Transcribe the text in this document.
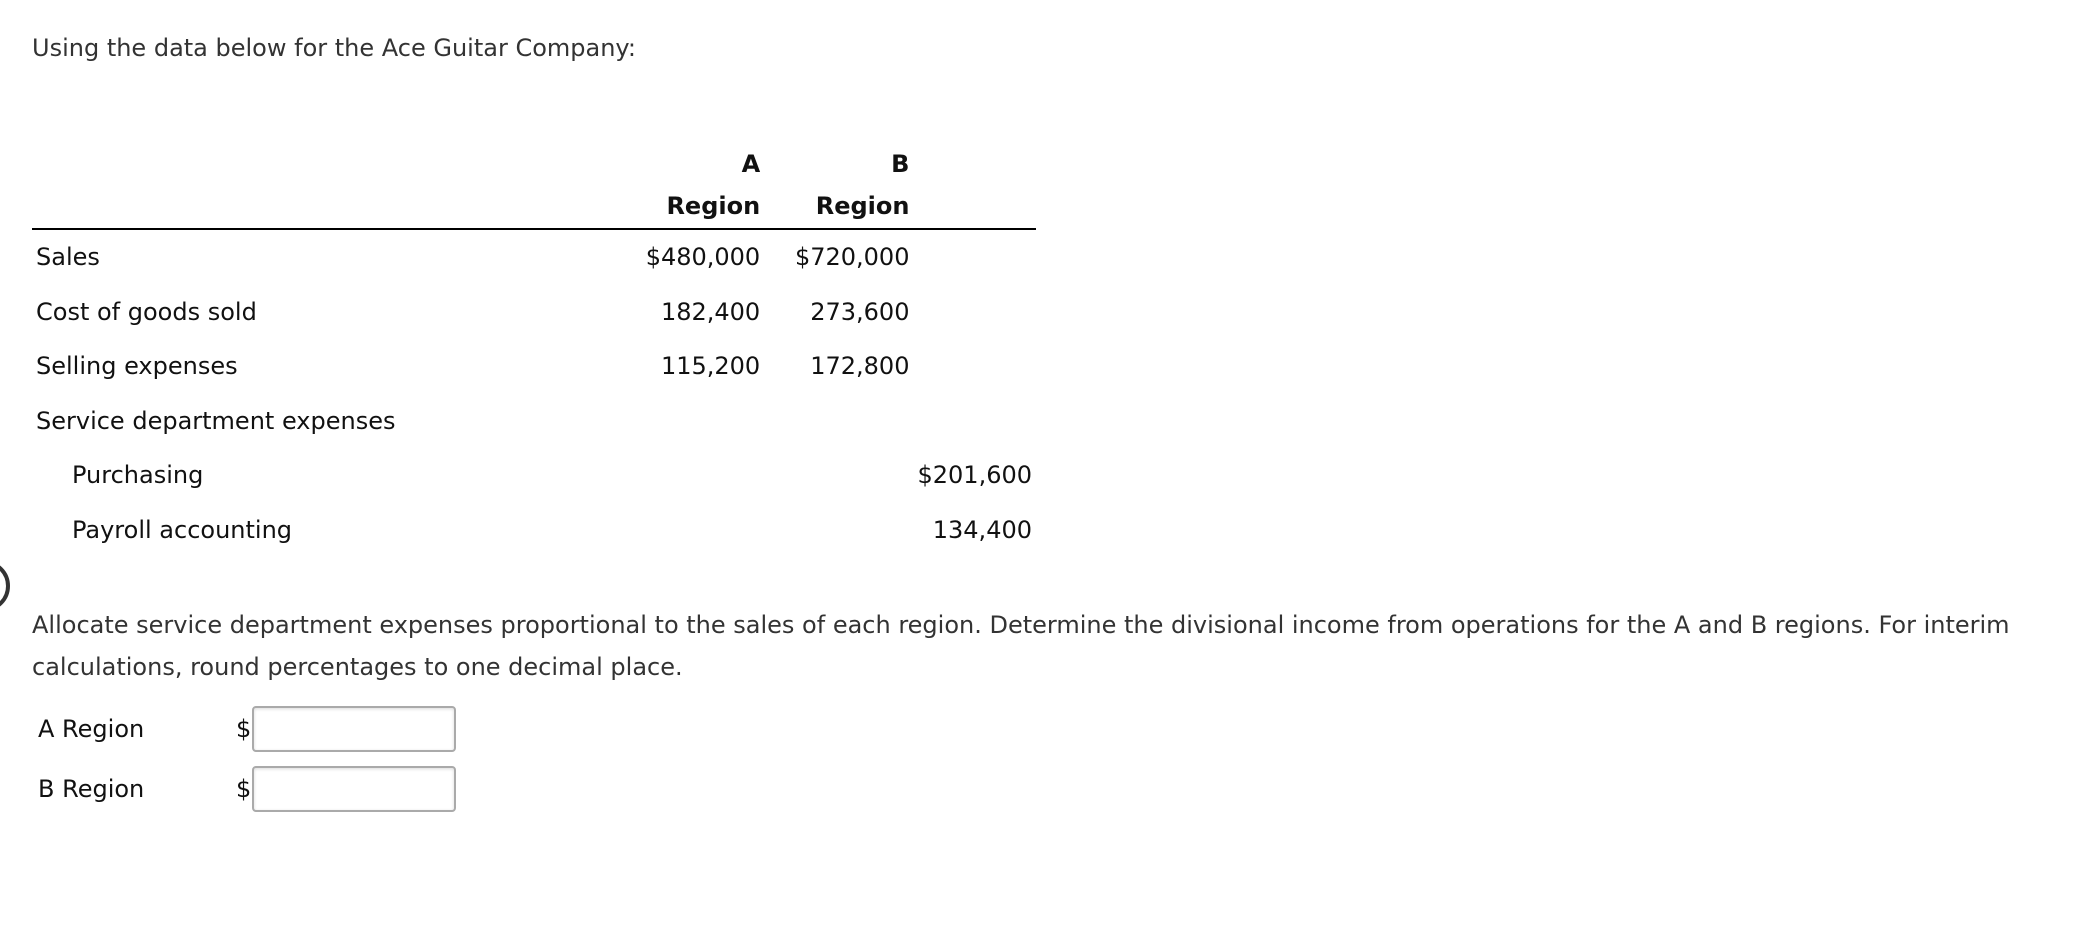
Using the data below for the Ace Guitar Company:
	A	B	
	Region	Region	
Sales	$480,000	$720,000	
Cost of goods sold	182,400	273,600	
Selling expenses	115,200	172,800	
Service department expenses			
Purchasing			$201,600
Payroll accounting			134,400
Allocate service department expenses proportional to the sales of each region. Determine the divisional income from operations for the A and B regions. For interim calculations, round percentages to one decimal place.
A Region	$
B Region	$
